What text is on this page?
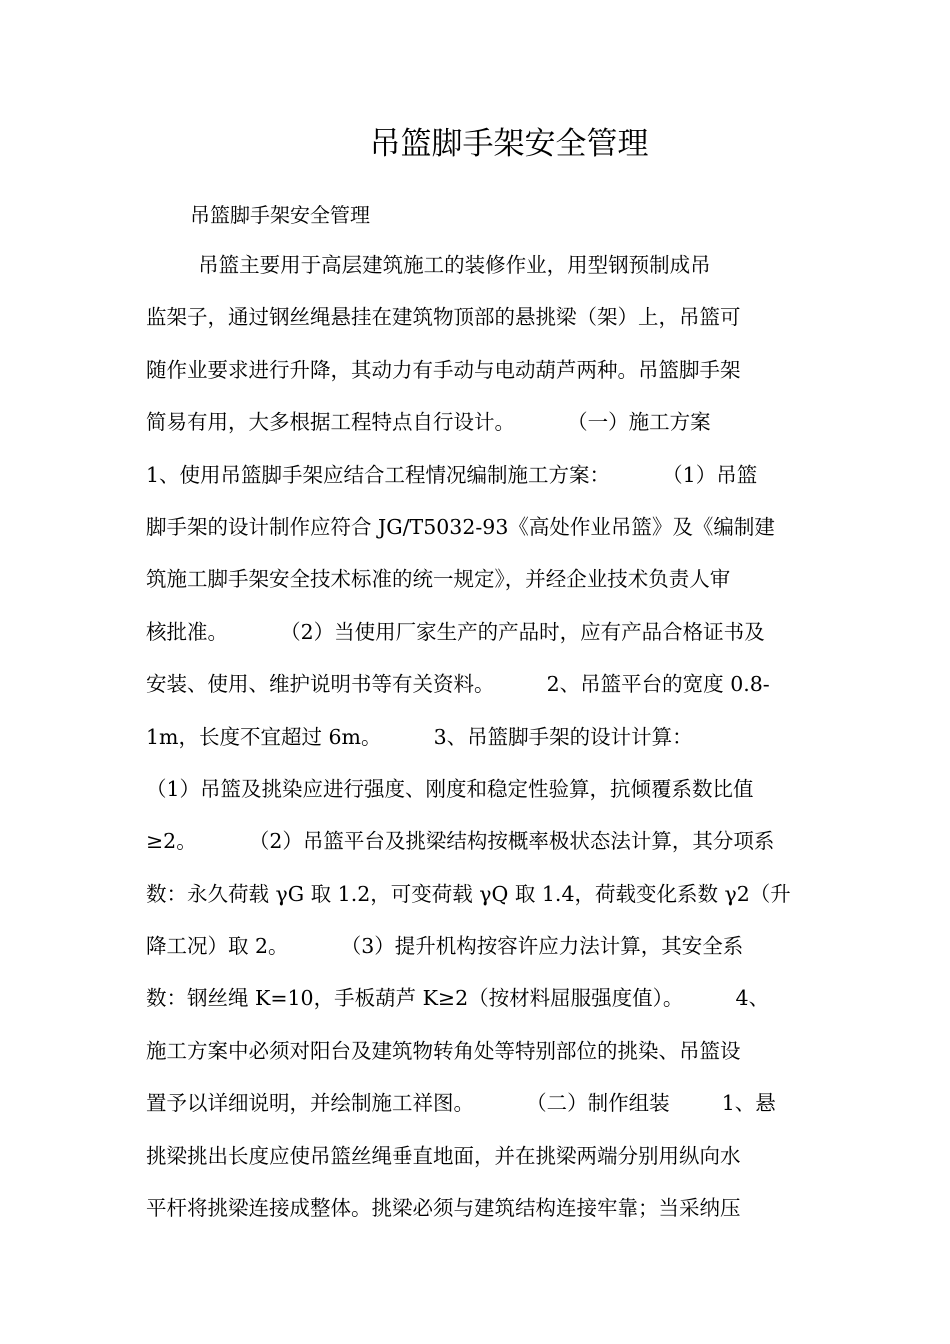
吊篮脚手架安全管理

吊篮脚手架安全管理

吊篮主要用于高层建筑施工的装修作业，用型钢预制成吊
监架子，通过钢丝绳悬挂在建筑物顶部的悬挑梁（架）上，吊篮可
随作业要求进行升降，其动力有手动与电动葫芦两种。吊篮脚手架
简易有用，大多根据工程特点自行设计。        （一）施工方案
1、使用吊篮脚手架应结合工程情况编制施工方案：        （1）吊篮
脚手架的设计制作应符合 JG/T5032-93《高处作业吊篮》及《编制建
筑施工脚手架安全技术标准的统一规定》，并经企业技术负责人审
核批准。        （2）当使用厂家生产的产品时，应有产品合格证书及
安装、使用、维护说明书等有关资料。        2、吊篮平台的宽度 0.8-
1m，长度不宜超过 6m。        3、吊篮脚手架的设计计算：
（1）吊篮及挑染应进行强度、刚度和稳定性验算，抗倾覆系数比值
≥2。        （2）吊篮平台及挑梁结构按概率极状态法计算，其分项系
数：永久荷载 γG 取 1.2，可变荷载 γQ 取 1.4，荷载变化系数 γ2（升
降工况）取 2。        （3）提升机构按容许应力法计算，其安全系
数：钢丝绳 K=10，手板葫芦 K≥2（按材料屈服强度值）。        4、
施工方案中必须对阳台及建筑物转角处等特别部位的挑染、吊篮设
置予以详细说明，并绘制施工祥图。        （二）制作组装        1、悬
挑梁挑出长度应使吊篮丝绳垂直地面，并在挑梁两端分别用纵向水
平杆将挑梁连接成整体。挑梁必须与建筑结构连接牢靠；当采纳压
